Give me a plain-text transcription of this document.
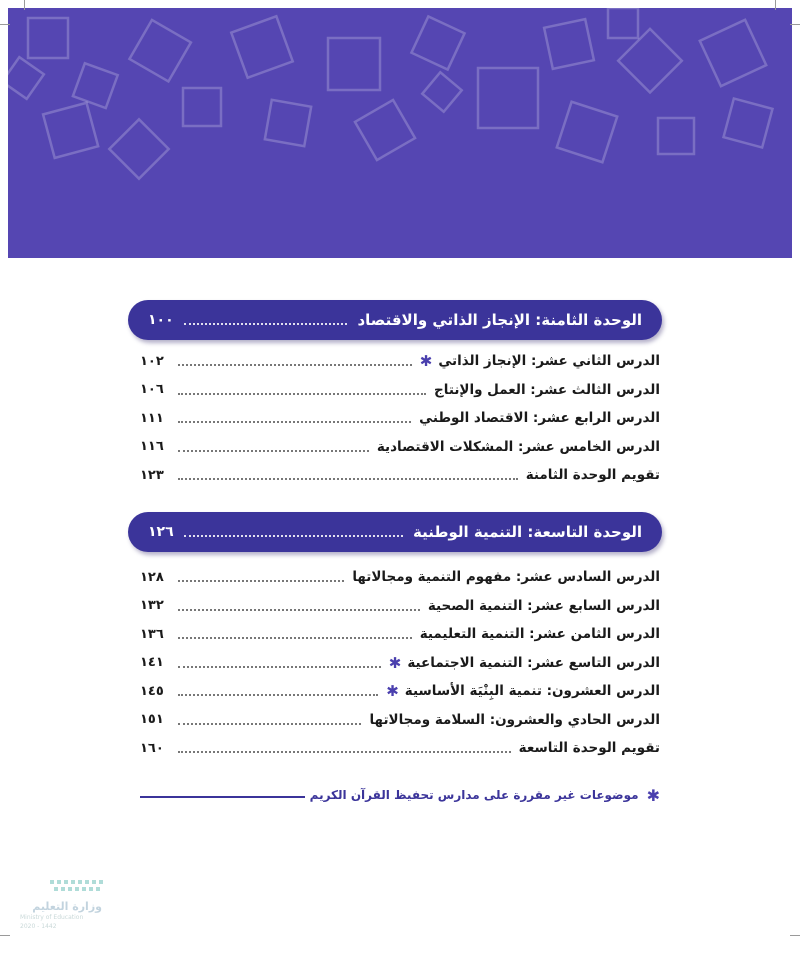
الوحدة الثامنة: الإنجاز الذاتي والاقتصاد
١٠٠
الدرس الثاني عشر: الإنجاز الذاتي
✱
١٠٢
الدرس الثالث عشر: العمل والإنتاج
١٠٦
الدرس الرابع عشر: الاقتصاد الوطني
١١١
الدرس الخامس عشر: المشكلات الاقتصادية
١١٦
تقويم الوحدة الثامنة
١٢٣
الوحدة التاسعة: التنمية الوطنية
١٢٦
الدرس السادس عشر: مفهوم التنمية ومجالاتها
١٢٨
الدرس السابع عشر: التنمية الصحية
١٣٢
الدرس الثامن عشر: التنمية التعليمية
١٣٦
الدرس التاسع عشر: التنمية الاجتماعية
✱
١٤١
الدرس العشرون: تنمية البِنْيَة الأساسية
✱
١٤٥
الدرس الحادي والعشرون: السلامة ومجالاتها
١٥١
تقويم الوحدة التاسعة
١٦٠
✱
موضوعات غير مقررة على مدارس تحفيظ القرآن الكريم
وزارة التعليم
Ministry of Education
2020 - 1442
